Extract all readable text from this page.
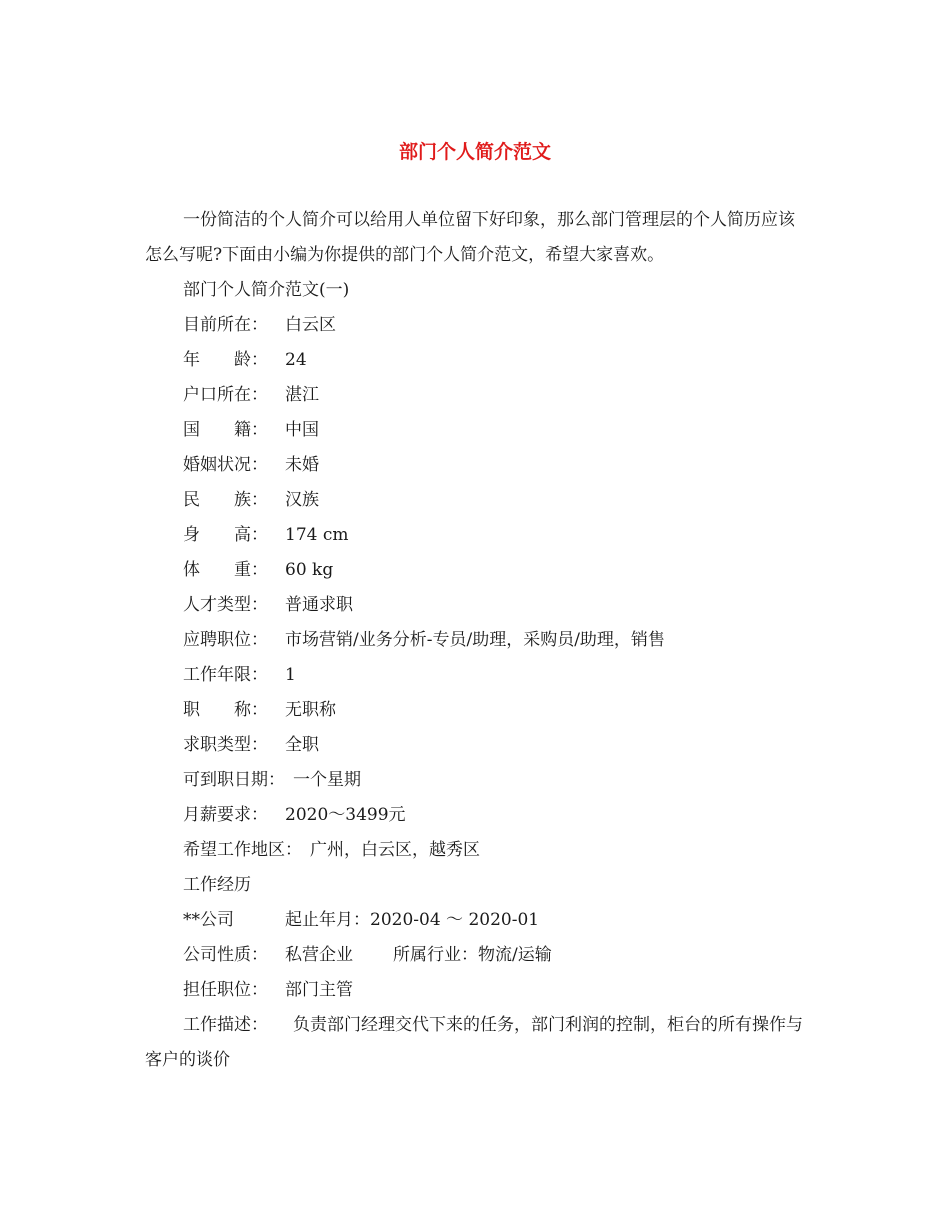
部门个人简介范文

一份简洁的个人简介可以给用人单位留下好印象，那么部门管理层的个人简历应该怎么写呢?下面由小编为你提供的部门个人简介范文，希望大家喜欢。

部门个人简介范文(一)

目前所在： 白云区

年　　龄： 24

户口所在： 湛江

国　　籍： 中国

婚姻状况： 未婚

民　　族： 汉族

身　　高： 174 cm

体　　重： 60 kg

人才类型： 普通求职

应聘职位： 市场营销/业务分析-专员/助理，采购员/助理，销售

工作年限： 1

职　　称： 无职称

求职类型： 全职

可到职日期： 一个星期

月薪要求： 2020～3499元

希望工作地区： 广州，白云区，越秀区

工作经历

**公司	起止年月：2020-04 ～ 2020-01

公司性质： 私营企业 所属行业：物流/运输

担任职位： 部门主管

工作描述： 负责部门经理交代下来的任务，部门利润的控制，柜台的所有操作与客户的谈价
